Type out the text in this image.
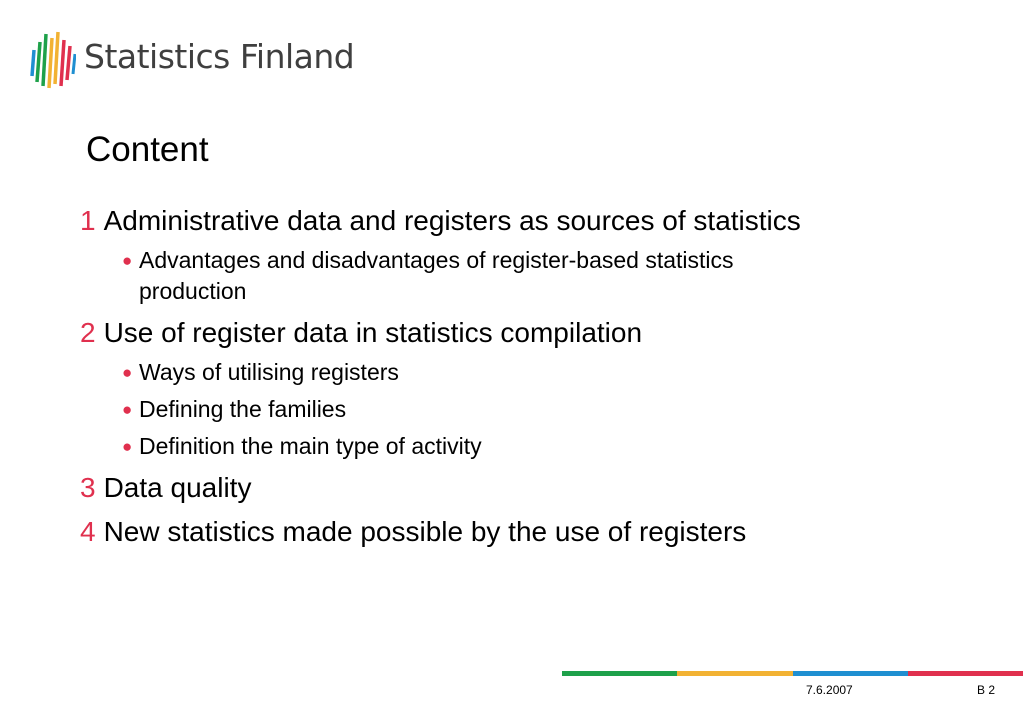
Statistics Finland
Content
1 Administrative data and registers as sources of statistics
● Advantages and disadvantages of register-based statistics production
2 Use of register data in statistics compilation
● Ways of utilising registers
● Defining the families
● Definition the main type of activity
3 Data quality
4 New statistics made possible by the use of registers
7.6.2007	B 2
